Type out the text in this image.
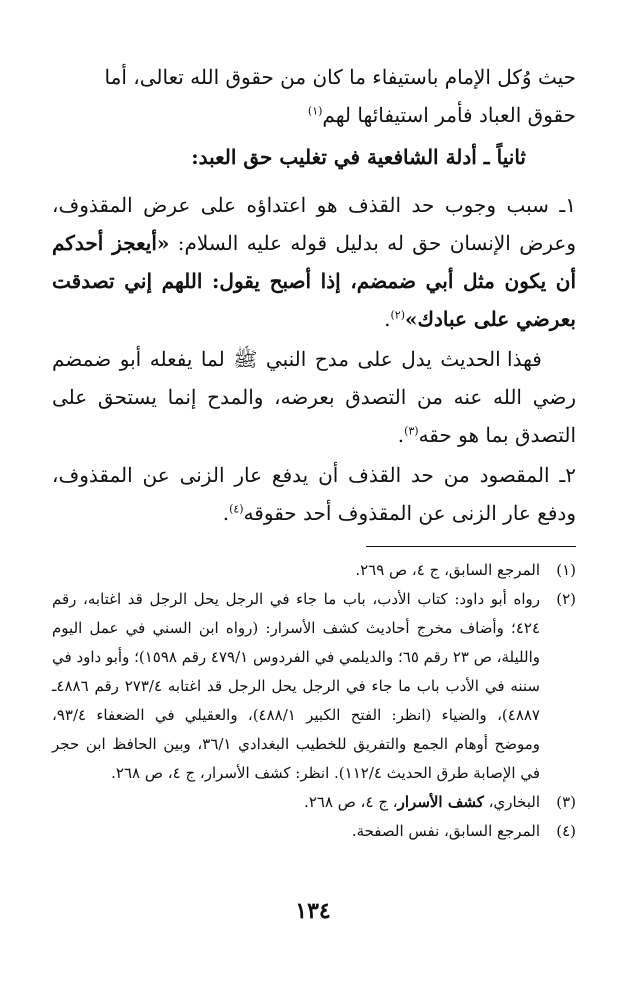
حيث وُكل الإمام باستيفاء ما كان من حقوق الله تعالى، أما

حقوق العباد فأمر استيفائها لهم$^{(١)}$

ثانياً ـ أدلة الشافعية في تغليب حق العبد:

١ـ سبب وجوب حد القذف هو اعتداؤه على عرض المقذوف، وعرض الإنسان حق له بدليل قوله عليه السلام: «أيعجز أحدكم أن يكون مثل أبي ضمضم، إذا أصبح يقول: اللهم إني تصدقت بعرضي على عبادك»$^{(٢)}$.

فهذا الحديث يدل على مدح النبي ﷺ لما يفعله أبو ضمضم رضي الله عنه من التصدق بعرضه، والمدح إنما يستحق على التصدق بما هو حقه$^{(٣)}$.

٢ـ المقصود من حد القذف أن يدفع عار الزنى عن المقذوف، ودفع عار الزنى عن المقذوف أحد حقوقه$^{(٤)}$.

(١)
المرجع السابق، ج ٤، ص ٢٦٩.
(٢)
رواه أبو داود: كتاب الأدب، باب ما جاء في الرجل يحل الرجل قد اغتابه، رقم ٤٢٤؛ وأضاف مخرج أحاديث كشف الأسرار: (رواه ابن السني في عمل اليوم والليلة، ص ٢٣ رقم ٦٥؛ والديلمي في الفردوس ٤٧٩/١ رقم ١٥٩٨)؛ وأبو داود في سننه في الأدب باب ما جاء في الرجل يحل الرجل قد اغتابه ٢٧٣/٤ رقم ٤٨٨٦ـ ٤٨٨٧)، والضياء (انظر: الفتح الكبير ٤٨٨/١)، والعقيلي في الضعفاء ٩٣/٤، وموضح أوهام الجمع والتفريق للخطيب البغدادي ٣٦/١، وبين الحافظ ابن حجر في الإصابة طرق الحديث ١١٢/٤). انظر: كشف الأسرار، ج ٤، ص ٢٦٨.
(٣)
البخاري، كشف الأسرار، ج ٤، ص ٢٦٨.
(٤)
المرجع السابق، نفس الصفحة.
١٣٤
